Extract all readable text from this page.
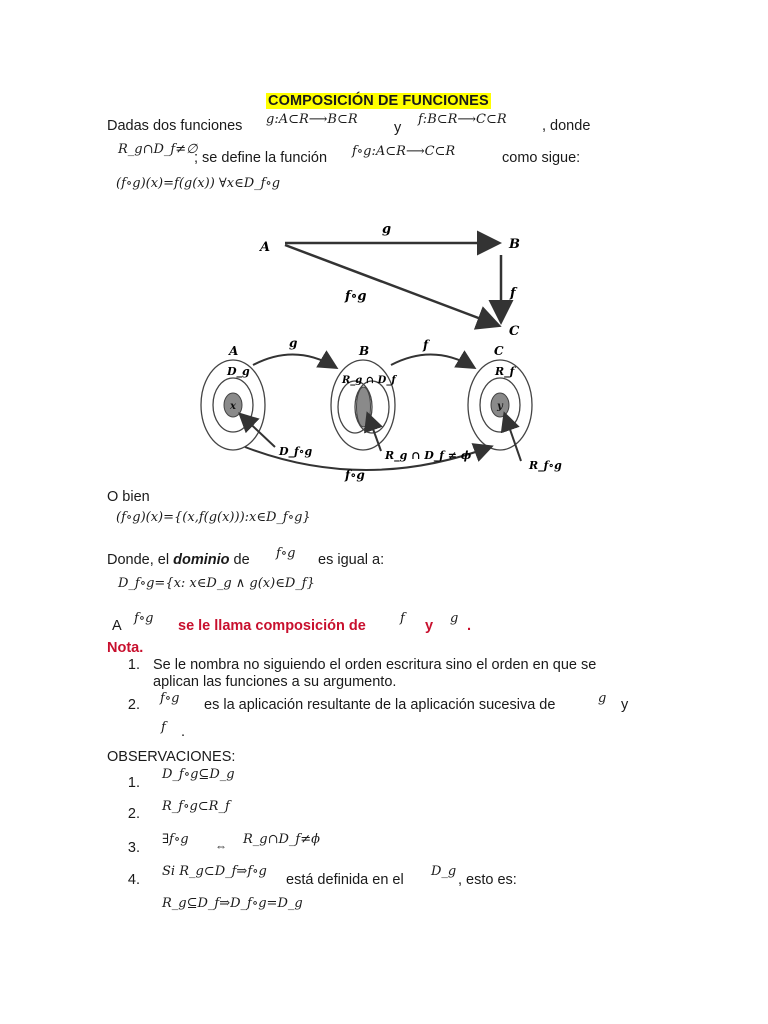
COMPOSICIÓN DE FUNCIONES
Dadas dos funciones g:A⊂R⟶B⊂R
y
f:B⊂R⟶C⊂R , donde
R_g∩D_f≠∅
; se define la función f∘g:A⊂R⟶C⊂R	como sigue:
(f∘g)(x)=f(g(x)) ∀x∈D_f∘g
A	B
C
g
f
f∘g
A	B	C
g	f
D_g
R_g ∩ D_f
R_f
x	y
D_f∘g	R_g ∩ D_f ≠ ϕ
f∘g
R_f∘g
O bien
(f∘g)(x)={(x,f(g(x))):x∈D_f∘g}
Donde, el dominio de f∘g es igual a:
D_f∘g={x: x∈D_g ∧ g(x)∈D_f}
A f∘g se le llama composición de	f y g .
Nota.
1. Se le nombra no siguiendo el orden escritura sino el orden en que se
aplican las funciones a su argumento.
2. f∘g es la aplicación resultante de la aplicación sucesiva de	g y
f .
OBSERVACIONES:
1.
D_f∘g⊆D_g
2. R_f∘g⊂R_f
3.
∃f∘g ⇔ R_g∩D_f≠ϕ
4.
Si R_g⊂D_f⇒f∘g
está definida en el
D_g
, esto es:
R_g⊆D_f⇒D_f∘g=D_g
